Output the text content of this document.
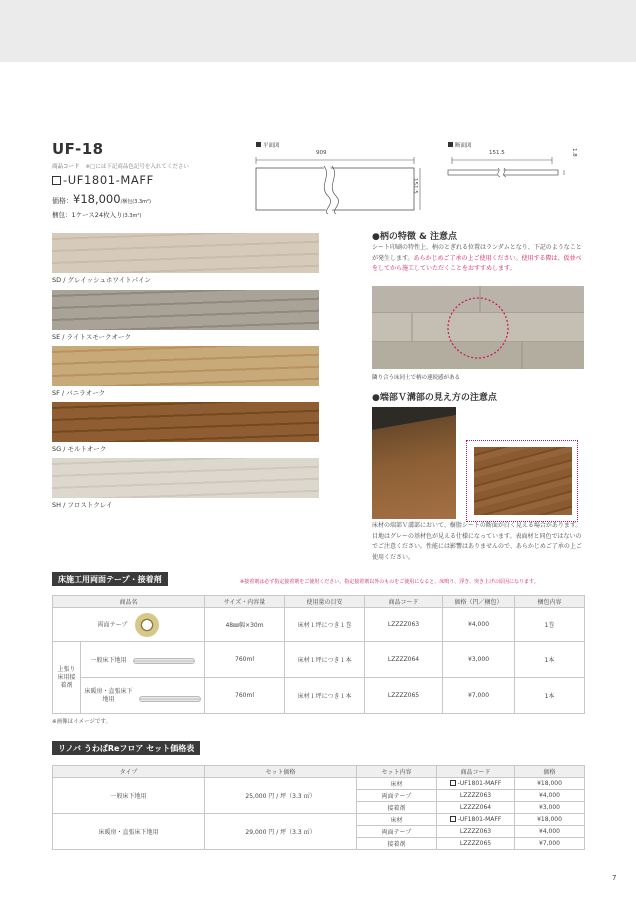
UF-18
商品コード ※□には下記商品色記号を入れてください
-UF1801-MAFF
価格：¥18,000/梱包(3.3m²)
梱包：1ケース24枚入り(3.3m²)
平面図
909
151.5
断面図
151.5	1.8
SD / グレイッシュホワイトパイン
SE / ライトスモークオーク
SF / バニラオーク
SG / モルトオーク
SH / フロストクレイ
●柄の特徴 & 注意点
シート印刷の特性上、柄のとぎれる位置はランダムとなり、下記のようなことが発生します。あらかじめご了承の上ご使用ください。使用する際は、仮並べをしてから施工していただくことをおすすめします。
隣り合う床同士で柄の連続感がある
●端部Ｖ溝部の見え方の注意点
床材の端部Ｖ溝部において、樹脂シートの断面が白く見える場合があります。目地はグレーの基材色が見える仕様になっています。表面材と同色ではないのでご注意ください。性能には影響はありませんので、あらかじめご了承の上ご使用ください。
床施工用両面テープ・接着剤	※接着剤は必ず指定接着剤をご使用ください。指定接着剤以外のものをご使用になると、床鳴り、浮き、突き上げの原因になります。
商品名		サイズ・内容量	使用量の目安	商品コード	価格（円／梱包）	梱包内容
両面テープ		48㎜幅×30m	床材１坪につき１巻	LZZZZ063	¥4,000	1巻
上張り床用接着剤	一般床下地用	760ml	床材１坪につき１本	LZZZZ064	¥3,000	1本
	床暖房・直張床下地用	760ml	床材１坪につき１本	LZZZZ065	¥7,000	1本
※画像はイメージです。
リノバ うわばReフロア セット価格表
タイプ	セット価格	セット内容	商品コード	価格
一般床下地用	25,000 円 / 坪（3.3 ㎡）	床材	-UF1801-MAFF	¥18,000
		両面テープ	LZZZZ063	¥4,000
		接着剤	LZZZZ064	¥3,000
床暖房・直張床下地用	29,000 円 / 坪（3.3 ㎡）	床材	-UF1801-MAFF	¥18,000
		両面テープ	LZZZZ063	¥4,000
		接着剤	LZZZZ065	¥7,000
7
